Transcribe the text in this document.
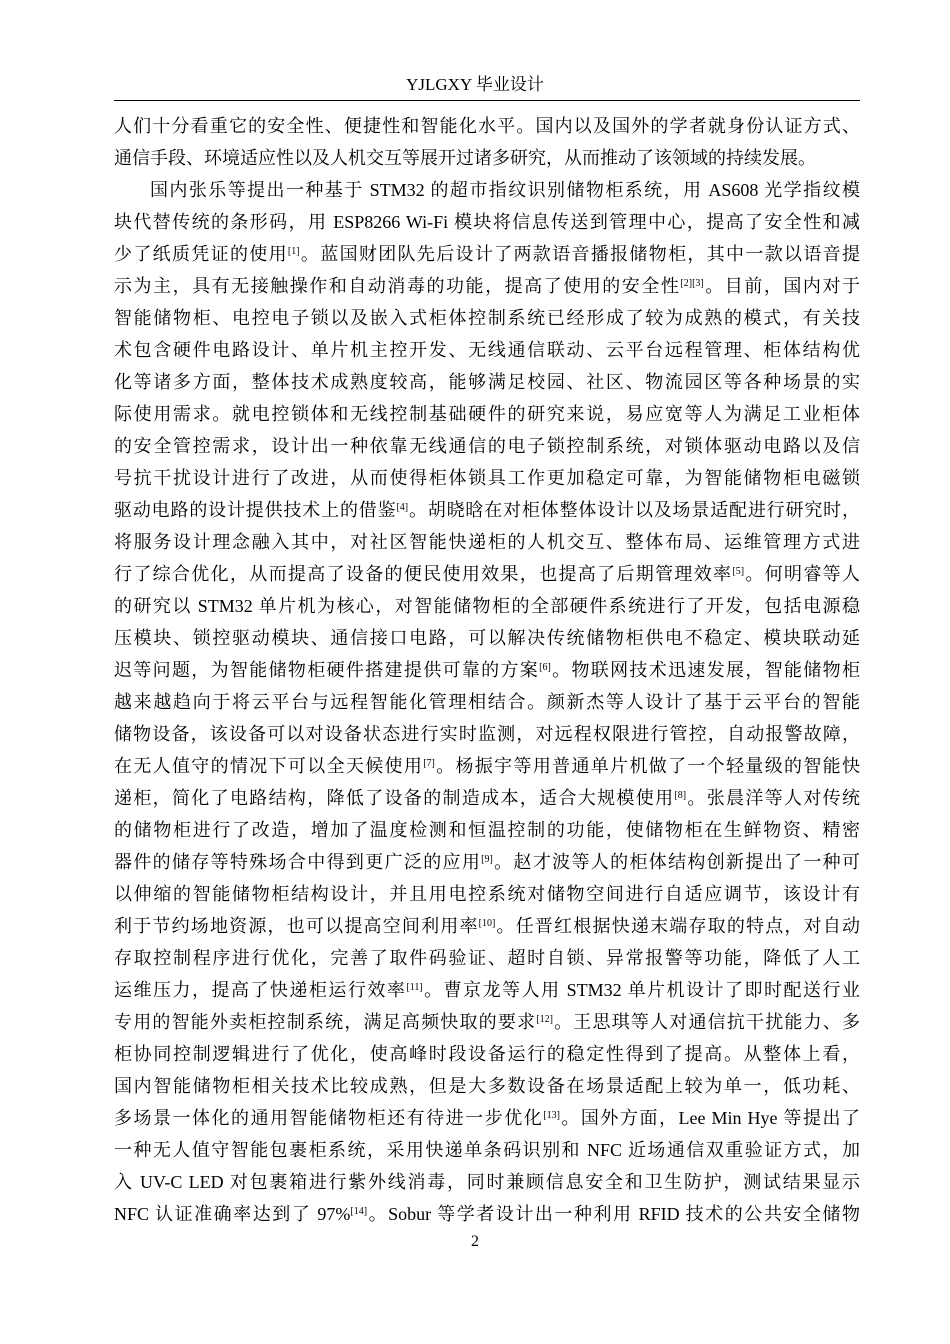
YJLGXY 毕业设计
人们十分看重它的安全性、便捷性和智能化水平。国内以及国外的学者就身份认证方式、
通信手段、环境适应性以及人机交互等展开过诸多研究，从而推动了该领域的持续发展。
国内张乐等提出一种基于 STM32 的超市指纹识别储物柜系统，用 AS608 光学指纹模
块代替传统的条形码，用 ESP8266 Wi-Fi 模块将信息传送到管理中心，提高了安全性和减
少了纸质凭证的使用[1]。蓝国财团队先后设计了两款语音播报储物柜，其中一款以语音提
示为主，具有无接触操作和自动消毒的功能，提高了使用的安全性[2][3]。目前，国内对于
智能储物柜、电控电子锁以及嵌入式柜体控制系统已经形成了较为成熟的模式，有关技
术包含硬件电路设计、单片机主控开发、无线通信联动、云平台远程管理、柜体结构优
化等诸多方面，整体技术成熟度较高，能够满足校园、社区、物流园区等各种场景的实
际使用需求。就电控锁体和无线控制基础硬件的研究来说，易应宽等人为满足工业柜体
的安全管控需求，设计出一种依靠无线通信的电子锁控制系统，对锁体驱动电路以及信
号抗干扰设计进行了改进，从而使得柜体锁具工作更加稳定可靠，为智能储物柜电磁锁
驱动电路的设计提供技术上的借鉴[4]。胡晓晗在对柜体整体设计以及场景适配进行研究时，
将服务设计理念融入其中，对社区智能快递柜的人机交互、整体布局、运维管理方式进
行了综合优化，从而提高了设备的便民使用效果，也提高了后期管理效率[5]。何明睿等人
的研究以 STM32 单片机为核心，对智能储物柜的全部硬件系统进行了开发，包括电源稳
压模块、锁控驱动模块、通信接口电路，可以解决传统储物柜供电不稳定、模块联动延
迟等问题，为智能储物柜硬件搭建提供可靠的方案[6]。物联网技术迅速发展，智能储物柜
越来越趋向于将云平台与远程智能化管理相结合。颜新杰等人设计了基于云平台的智能
储物设备，该设备可以对设备状态进行实时监测，对远程权限进行管控，自动报警故障，
在无人值守的情况下可以全天候使用[7]。杨振宇等用普通单片机做了一个轻量级的智能快
递柜，简化了电路结构，降低了设备的制造成本，适合大规模使用[8]。张晨洋等人对传统
的储物柜进行了改造，增加了温度检测和恒温控制的功能，使储物柜在生鲜物资、精密
器件的储存等特殊场合中得到更广泛的应用[9]。赵才波等人的柜体结构创新提出了一种可
以伸缩的智能储物柜结构设计，并且用电控系统对储物空间进行自适应调节，该设计有
利于节约场地资源，也可以提高空间利用率[10]。任晋红根据快递末端存取的特点，对自动
存取控制程序进行优化，完善了取件码验证、超时自锁、异常报警等功能，降低了人工
运维压力，提高了快递柜运行效率[11]。曹京龙等人用 STM32 单片机设计了即时配送行业
专用的智能外卖柜控制系统，满足高频快取的要求[12]。王思琪等人对通信抗干扰能力、多
柜协同控制逻辑进行了优化，使高峰时段设备运行的稳定性得到了提高。从整体上看，
国内智能储物柜相关技术比较成熟，但是大多数设备在场景适配上较为单一，低功耗、
多场景一体化的通用智能储物柜还有待进一步优化[13]。国外方面，Lee Min Hye 等提出了
一种无人值守智能包裹柜系统，采用快递单条码识别和 NFC 近场通信双重验证方式，加
入 UV-C LED 对包裹箱进行紫外线消毒，同时兼顾信息安全和卫生防护，测试结果显示
NFC 认证准确率达到了 97%[14]。Sobur 等学者设计出一种利用 RFID 技术的公共安全储物
2
